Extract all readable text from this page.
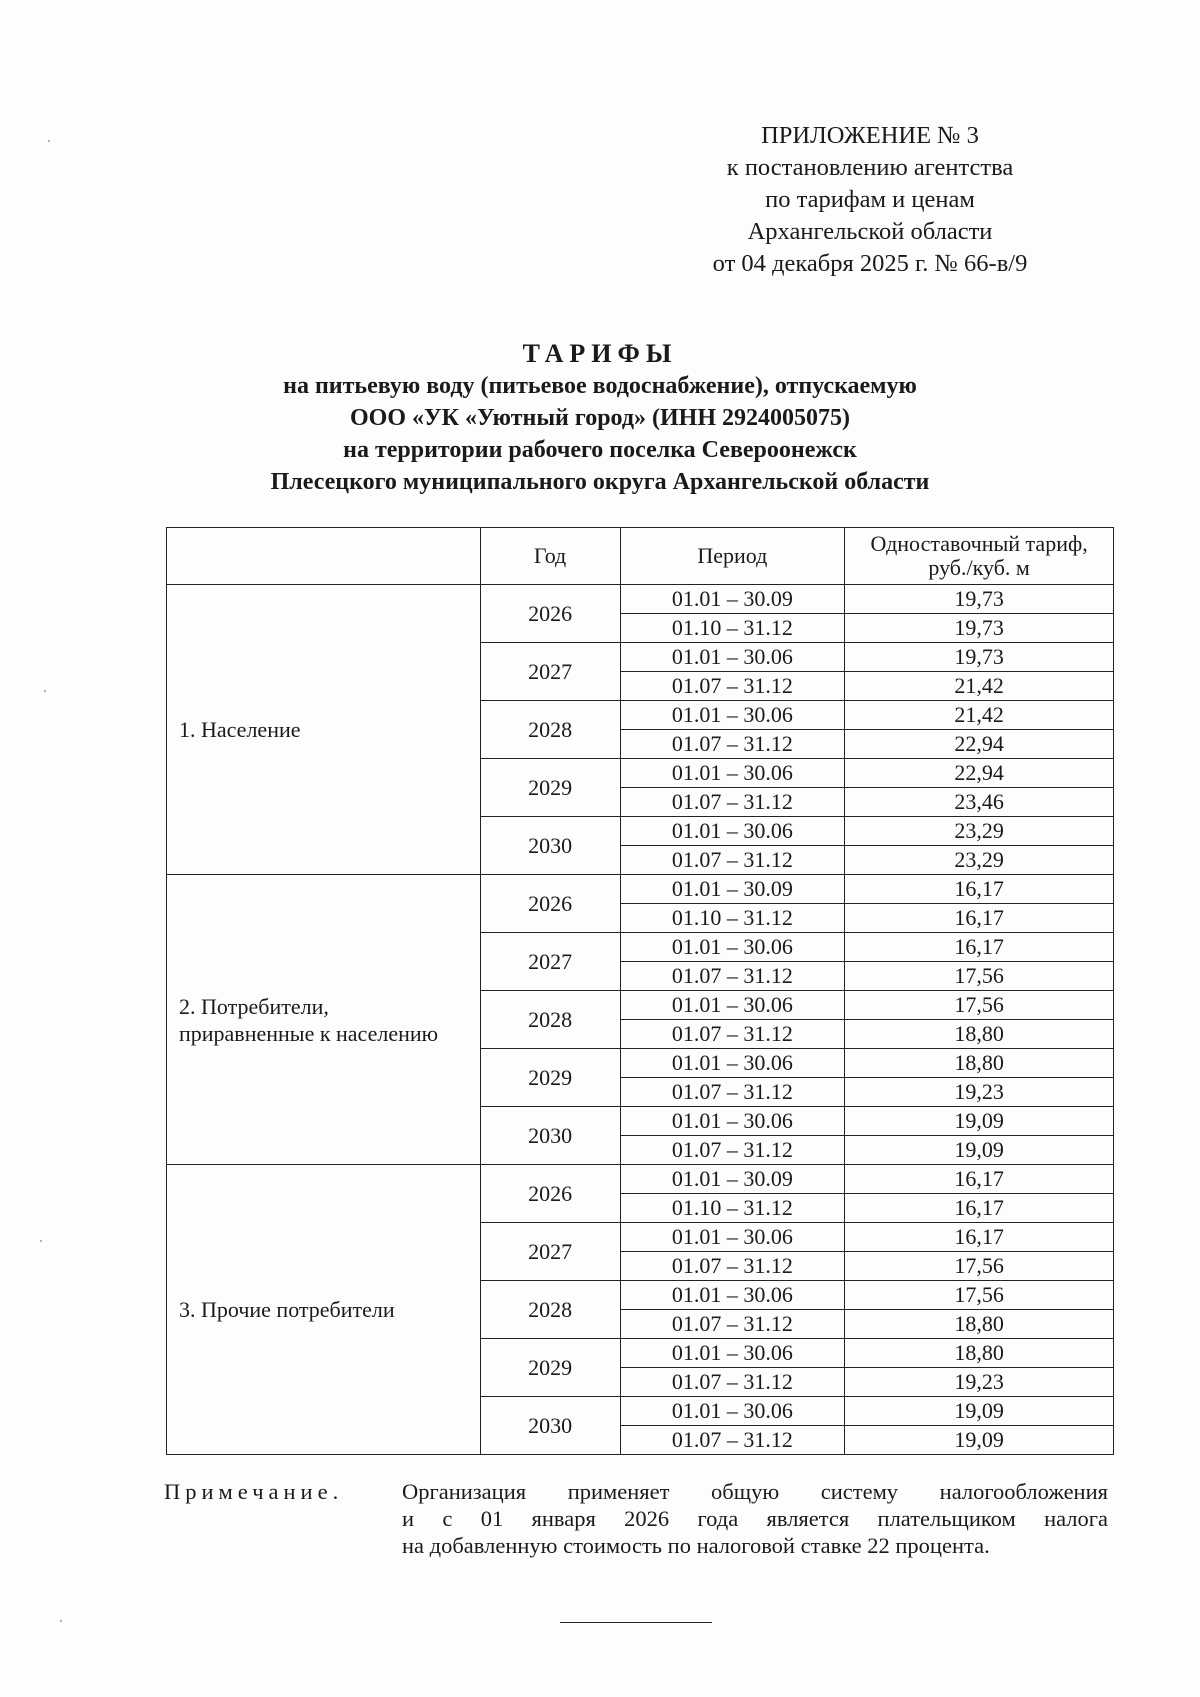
ПРИЛОЖЕНИЕ № 3
к постановлению агентства
по тарифам и ценам
Архангельской области
от 04 декабря 2025 г. № 66-в/9
ТАРИФЫ
на питьевую воду (питьевое водоснабжение), отпускаемую
ООО «УК «Уютный город» (ИНН 2924005075)
на территории рабочего поселка Североонежск
Плесецкого муниципального округа Архангельской области
	Год	Период	Одноставочный тариф,
руб./куб. м

1. Население	2026	01.01 – 30.09	19,73
		01.10 – 31.12	19,73
	2027	01.01 – 30.06	19,73
		01.07 – 31.12	21,42
	2028	01.01 – 30.06	21,42
		01.07 – 31.12	22,94
	2029	01.01 – 30.06	22,94
		01.07 – 31.12	23,46
	2030	01.01 – 30.06	23,29
		01.07 – 31.12	23,29

2. Потребители,
приравненные к населению	2026	01.01 – 30.09	16,17
		01.10 – 31.12	16,17
	2027	01.01 – 30.06	16,17
		01.07 – 31.12	17,56
	2028	01.01 – 30.06	17,56
		01.07 – 31.12	18,80
	2029	01.01 – 30.06	18,80
		01.07 – 31.12	19,23
	2030	01.01 – 30.06	19,09
		01.07 – 31.12	19,09

3. Прочие потребители	2026	01.01 – 30.09	16,17
		01.10 – 31.12	16,17
	2027	01.01 – 30.06	16,17
		01.07 – 31.12	17,56
	2028	01.01 – 30.06	17,56
		01.07 – 31.12	18,80
	2029	01.01 – 30.06	18,80
		01.07 – 31.12	19,23
	2030	01.01 – 30.06	19,09
		01.07 – 31.12	19,09
Примечание.	Организация применяет общую систему налогообложения
и с 01 января 2026 года является плательщиком налога
на добавленную стоимость по налоговой ставке 22 процента.
